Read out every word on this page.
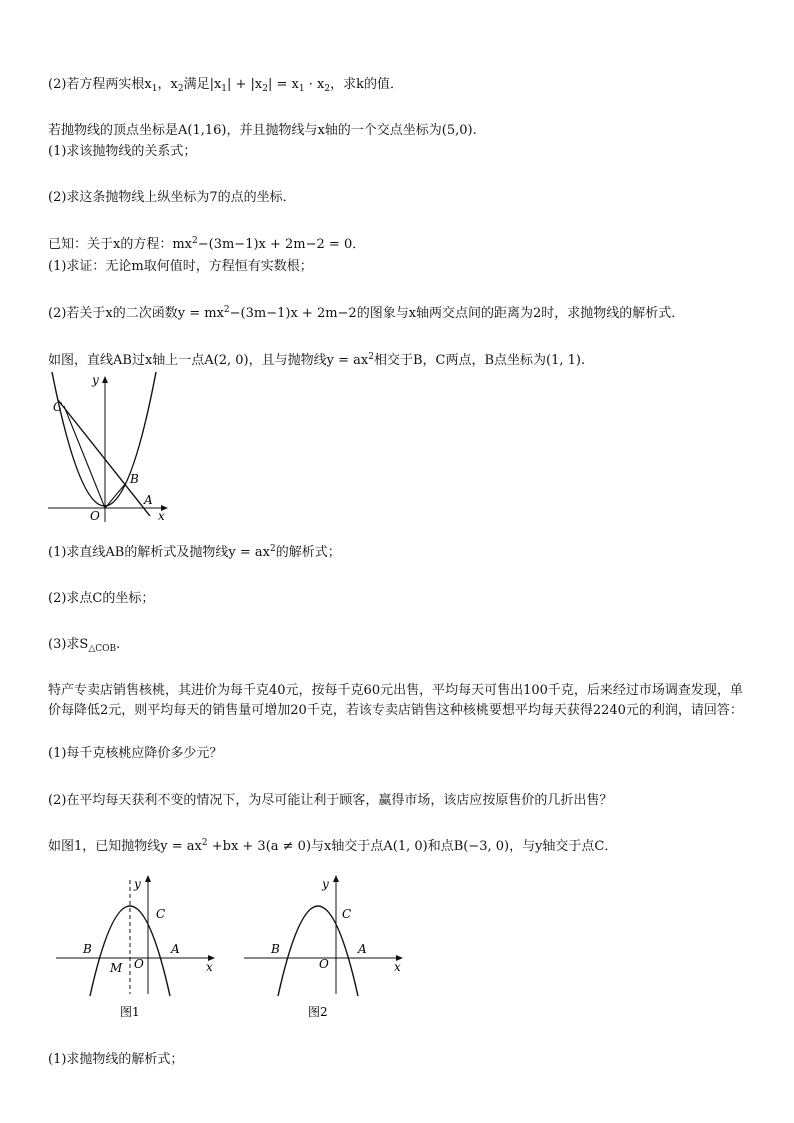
(2)若方程两实根$x_1$，$x_2$满足$|x_1| + |x_2| = x_1 \cdot x_2$，求k的值．
若抛物线的顶点坐标是A(1,16)，并且抛物线与x轴的一个交点坐标为(5,0).
(1)求该抛物线的关系式；
(2)求这条抛物线上纵坐标为7的点的坐标．
已知：关于x的方程：$mx^2-(3m-1)x + 2m-2 = 0$．
(1)求证：无论m取何值时，方程恒有实数根；
(2)若关于x的二次函数$y = mx^2-(3m-1)x + 2m-2$的图象与x轴两交点间的距离为2时，求抛物线的解析式．
如图，直线AB过x轴上一点A(2, 0)，且与抛物线$y = ax^2$相交于B，C两点，B点坐标为(1, 1).
y
x
C
B
A
O
(1)求直线AB的解析式及抛物线$y = ax^2$的解析式；
(2)求点C的坐标；
(3)求$S_{\triangle COB}$.
特产专卖店销售核桃，其进价为每千克40元，按每千克60元出售，平均每天可售出100千克，后来经过市场调查发现，单价每降低2元，则平均每天的销售量可增加20千克，若该专卖店销售这种核桃要想平均每天获得2240元的利润，请回答：
(1)每千克核桃应降价多少元？
(2)在平均每天获利不变的情况下，为尽可能让利于顾客，赢得市场，该店应按原售价的几折出售？
如图1，已知抛物线$y = ax^2 +bx + 3(a \ne 0)$与x轴交于点A(1, 0)和点B(−3, 0)，与y轴交于点C．
y
x
C
B	A
M O
图1
y
x
C
B	A
O
图2
(1)求抛物线的解析式；
